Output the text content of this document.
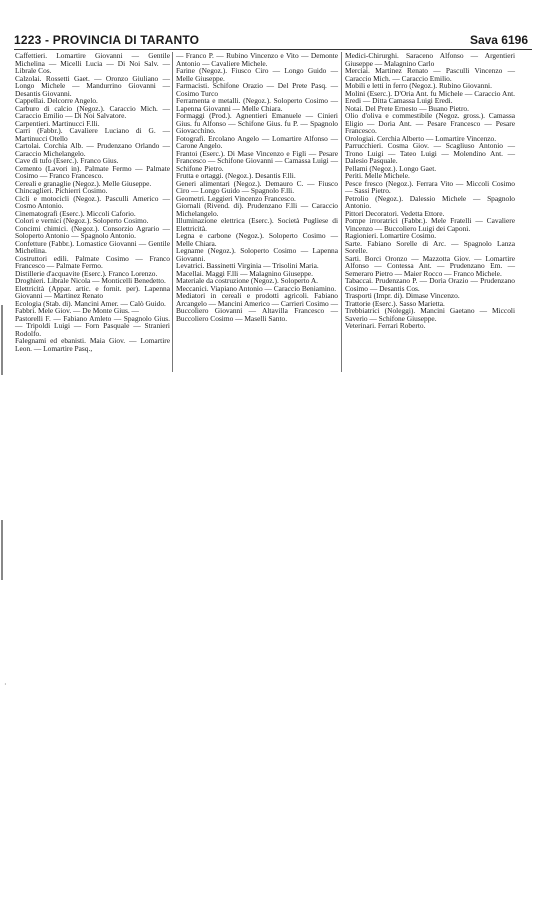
1223 - PROVINCIA DI TARANTO	Sava 6196
·

Caffettieri. Lomartire Giovanni — Gentile Michelina — Micelli Lucia — Di Noi Salv. — Librale Cos.

Calzolai. Rossetti Gaet. — Oronzo Giuliano — Longo Michele — Mandurrino Giovanni — Desantis Giovanni.

Cappellai. Delcorre Angelo.

Carburo di calcio (Negoz.). Caraccio Mich. — Caraccio Emilio — Di Noi Salvatore.

Carpentieri. Martinucci F.lli.

Carri (Fabbr.). Cavaliere Luciano di G. — Martinucci Otello

Cartolai. Corchia Alb. — Prudenzano Orlando — Caraccio Michelangelo.

Cave di tufo (Eserc.). Franco Gius.

Cemento (Lavori in). Palmate Fermo — Palmate Cosimo — Franco Francesco.

Cereali e granaglie (Negoz.). Melle Giuseppe.

Chincaglieri. Pichierri Cosimo.

Cicli e motocicli (Negoz.). Pasculli Americo — Cosmo Antonio.

Cinematografi (Eserc.). Miccoli Caforio.

Colori e vernici (Negoz.). Soloperto Cosimo.

Concimi chimici. (Negoz.). Consorzio Agrario — Soloperto Antonio — Spagnolo Antonio.

Confetture (Fabbr.). Lomastice Giovanni — Gentile Michelina.

Costruttori edili. Palmate Cosimo — Franco Francesco — Palmate Fermo.

Distillerie d'acquavite (Eserc.). Franco Lorenzo.

Droghieri. Librale Nicola — Monticelli Benedetto.

Elettricità (Appar. artic. e fornit. per). Lapenna Giovanni — Martinez Renato

Ecologia (Stab. di). Mancini Amer. — Calò Guido.

Fabbri. Mele Giov. — De Monte Gius. —

Pastorelli F. — Fabiano Amleto — Spagnolo Gius. — Tripoldi Luigi — Forn Pasquale — Stranieri Rodolfo.

Falegnami ed ebanisti. Maia Giov. — Lomartire Leon. — Lomartire Pasq.,

— Franco P. — Rubino Vincenzo e Vito — Demonte Antonio — Cavaliere Michele.

Farine (Negoz.). Fiusco Ciro — Longo Guido — Melle Giuseppe.

Farmacisti. Schifone Orazio — Del Prete Pasq. — Cosimo Turco

Ferramenta e metalli. (Negoz.). Soloperto Cosimo — Lapenna Giovanni — Melle Chiara.

Formaggi (Prod.). Agnentieri Emanuele — Cinieri Gius. fu Alfonso — Schifone Gius. fu P. — Spagnolo Giovacchino.

Fotografi. Ercolano Angelo — Lomartire Alfonso — Carone Angelo.

Frantoi (Eserc.). Di Mase Vincenzo e Figli — Pesare Francesco — Schifone Giovanni — Camassa Luigi — Schifone Pietro.

Frutta e ortaggi. (Negoz.). Desantis F.lli.

Generi alimentari (Negoz.). Demauro C. — Fiusco Ciro — Longo Guido — Spagnolo F.lli.

Geometri. Leggieri Vincenzo Francesco.

Giornali (Rivend. di). Prudenzano F.lli — Caraccio Michelangelo.

Illuminazione elettrica (Eserc.). Società Pugliese di Elettricità.

Legna e carbone (Negoz.). Soloperto Cosimo — Melle Chiara.

Legname (Negoz.). Soloperto Cosimo — Lapenna Giovanni.

Levatrici. Bassinetti Virginia — Trisolini Maria.

Macellai. Maggi F.lli — Malagnino Giuseppe.

Materiale da costruzione (Negoz.). Soloperto A.

Meccanici. Viapiano Antonio — Caraccio Beniamino.

Mediatori in cereali e prodotti agricoli. Fabiano Arcangelo — Mancini Americo — Carrieri Cosimo — Buccoliero Giovanni — Altavilla Francesco — Buccoliero Cosimo — Maselli Santo.

Medici-Chirurghi. Saraceno Alfonso — Argentieri Giuseppe — Malagnino Carlo

Merciai. Martinez Renato — Pasculli Vincenzo — Caraccio Mich. — Caraccio Emilio.

Mobili e letti in ferro (Negoz.). Rubino Giovanni.

Molini (Eserc.). D'Oria Ant. fu Michele — Caraccio Ant. Eredi — Ditta Camassa Luigi Eredi.

Notai. Del Prete Ernesto — Buano Pietro.

Olio d'oliva e commestibile (Negoz. gross.). Camassa Eligio — Doria Ant. — Pesare Francesco — Pesare Francesco.

Orologiai. Cerchia Alberto — Lomartire Vincenzo.

Parrucchieri. Cosma Giov. — Scagliuso Antonio — Trono Luigi — Tateo Luigi — Molendino Ant. — Dalesio Pasquale.

Pellami (Negoz.). Longo Gaet.

Periti. Melle Michele.

Pesce fresco (Negoz.). Ferrara Vito — Miccoli Cosimo — Sassi Pietro.

Petrolio (Negoz.). Dalessio Michele — Spagnolo Antonio.

Pittori Decoratori. Vedetta Ettore.

Pompe irroratrici (Fabbr.). Mele Fratelli — Cavaliere Vincenzo — Buccoliero Luigi dei Caponi.

Ragionieri. Lomartire Cosimo.

Sarte. Fabiano Sorelle di Arc. — Spagnolo Lanza Sorelle.

Sarti. Borci Oronzo — Mazzotta Giov. — Lomartire Alfonso — Contessa Ant. — Prudenzano Em. — Semeraro Pietro — Maier Rocco — Franco Michele.

Tabaccai. Prudenzano P. — Doria Orazio — Prudenzano Cosimo — Desantis Cos.

Trasporti (Impr. di). Dimase Vincenzo.

Trattorie (Eserc.). Sasso Marietta.

Trebbiatrici (Noleggi). Mancini Gaetano — Miccoli Saverio — Schifone Giuseppe.

Veterinari. Ferrari Roberto.
